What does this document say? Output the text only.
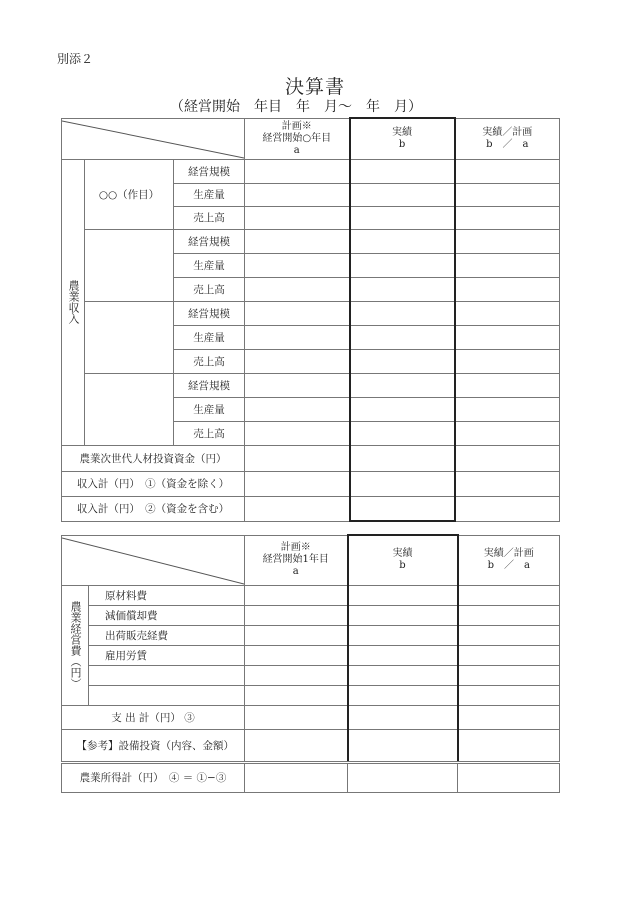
別添２
決算書
（経営開始　年目　年　月～　年　月）

計画※
経営開始○年目
a

実績
b

実績／計画
b　／　a

農業収入	○○（作目）	経営規模			
		生産量			
		売上高			
		経営規模			
		生産量			
		売上高			
		経営規模			
		生産量			
		売上高			
		経営規模			
		生産量			
		売上高			
農業次世代人材投資資金（円）					
収入計（円）　①（資金を除く）					
収入計（円）　②（資金を含む）					

計画※
経営開始1年目
a

実績
b

実績／計画
b　／　a

農業経営費（円）	原材料費			
	減価償却費			
	出荷販売経費			
	雇用労賃			

支 出 計（円） ③				
【参考】設備投資（内容、金額）				
農業所得計（円）　④ ＝ ①−③				
